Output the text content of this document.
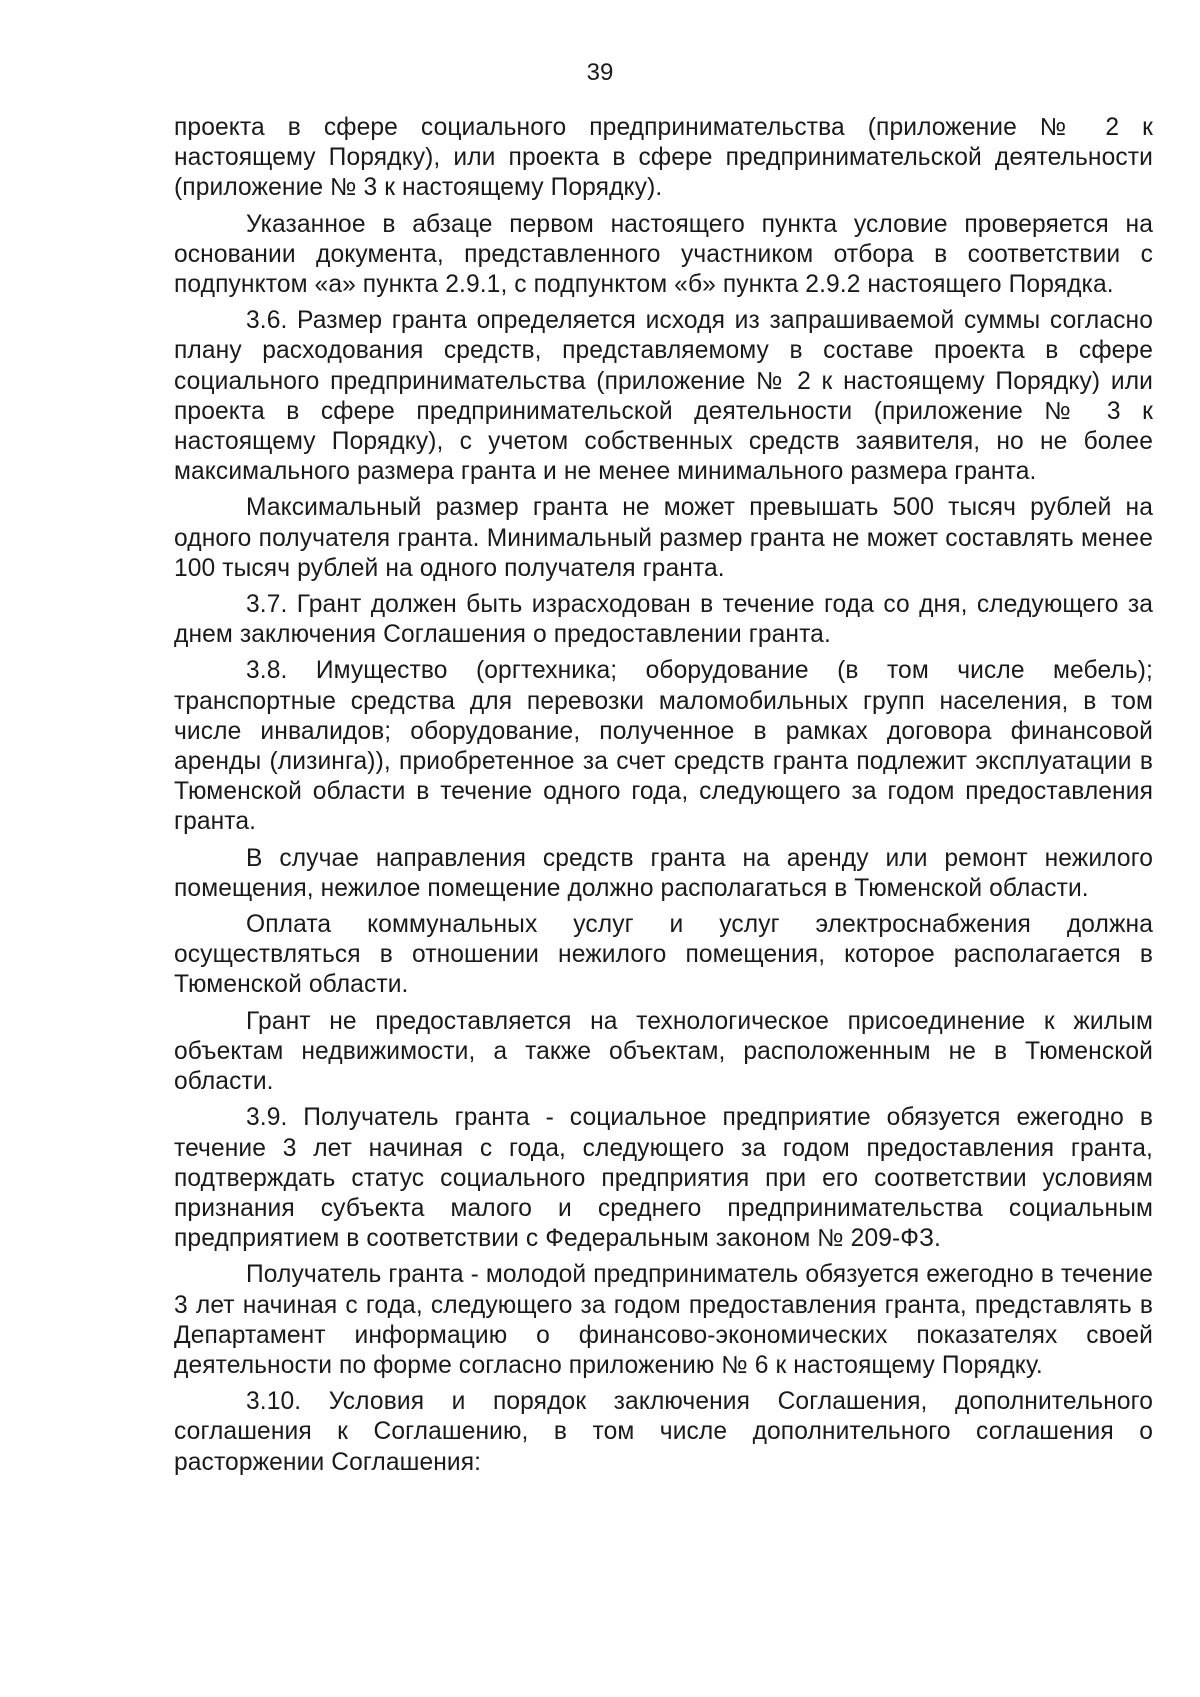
39

проекта в сфере социального предпринимательства (приложение № 2 к настоящему Порядку), или проекта в сфере предпринимательской деятельности (приложение № 3 к настоящему Порядку).

Указанное в абзаце первом настоящего пункта условие проверяется на основании документа, представленного участником отбора в соответствии с подпунктом «а» пункта 2.9.1, с подпунктом «б» пункта 2.9.2 настоящего Порядка.

3.6. Размер гранта определяется исходя из запрашиваемой суммы согласно плану расходования средств, представляемому в составе проекта в сфере социального предпринимательства (приложение № 2 к настоящему Порядку) или проекта в сфере предпринимательской деятельности (приложение № 3 к настоящему Порядку), с учетом собственных средств заявителя, но не более максимального размера гранта и не менее минимального размера гранта.

Максимальный размер гранта не может превышать 500 тысяч рублей на одного получателя гранта. Минимальный размер гранта не может составлять менее 100 тысяч рублей на одного получателя гранта.

3.7. Грант должен быть израсходован в течение года со дня, следующего за днем заключения Соглашения о предоставлении гранта.

3.8. Имущество (оргтехника; оборудование (в том числе мебель); транспортные средства для перевозки маломобильных групп населения, в том числе инвалидов; оборудование, полученное в рамках договора финансовой аренды (лизинга)), приобретенное за счет средств гранта подлежит эксплуатации в Тюменской области в течение одного года, следующего за годом предоставления гранта.

В случае направления средств гранта на аренду или ремонт нежилого помещения, нежилое помещение должно располагаться в Тюменской области.

Оплата коммунальных услуг и услуг электроснабжения должна осуществляться в отношении нежилого помещения, которое располагается в Тюменской области.

Грант не предоставляется на технологическое присоединение к жилым объектам недвижимости, а также объектам, расположенным не в Тюменской области.

3.9. Получатель гранта - социальное предприятие обязуется ежегодно в течение 3 лет начиная с года, следующего за годом предоставления гранта, подтверждать статус социального предприятия при его соответствии условиям признания субъекта малого и среднего предпринимательства социальным предприятием в соответствии с Федеральным законом № 209-ФЗ.

Получатель гранта - молодой предприниматель обязуется ежегодно в течение 3 лет начиная с года, следующего за годом предоставления гранта, представлять в Департамент информацию о финансово-экономических показателях своей деятельности по форме согласно приложению № 6 к настоящему Порядку.

3.10. Условия и порядок заключения Соглашения, дополнительного соглашения к Соглашению, в том числе дополнительного соглашения о расторжении Соглашения:
